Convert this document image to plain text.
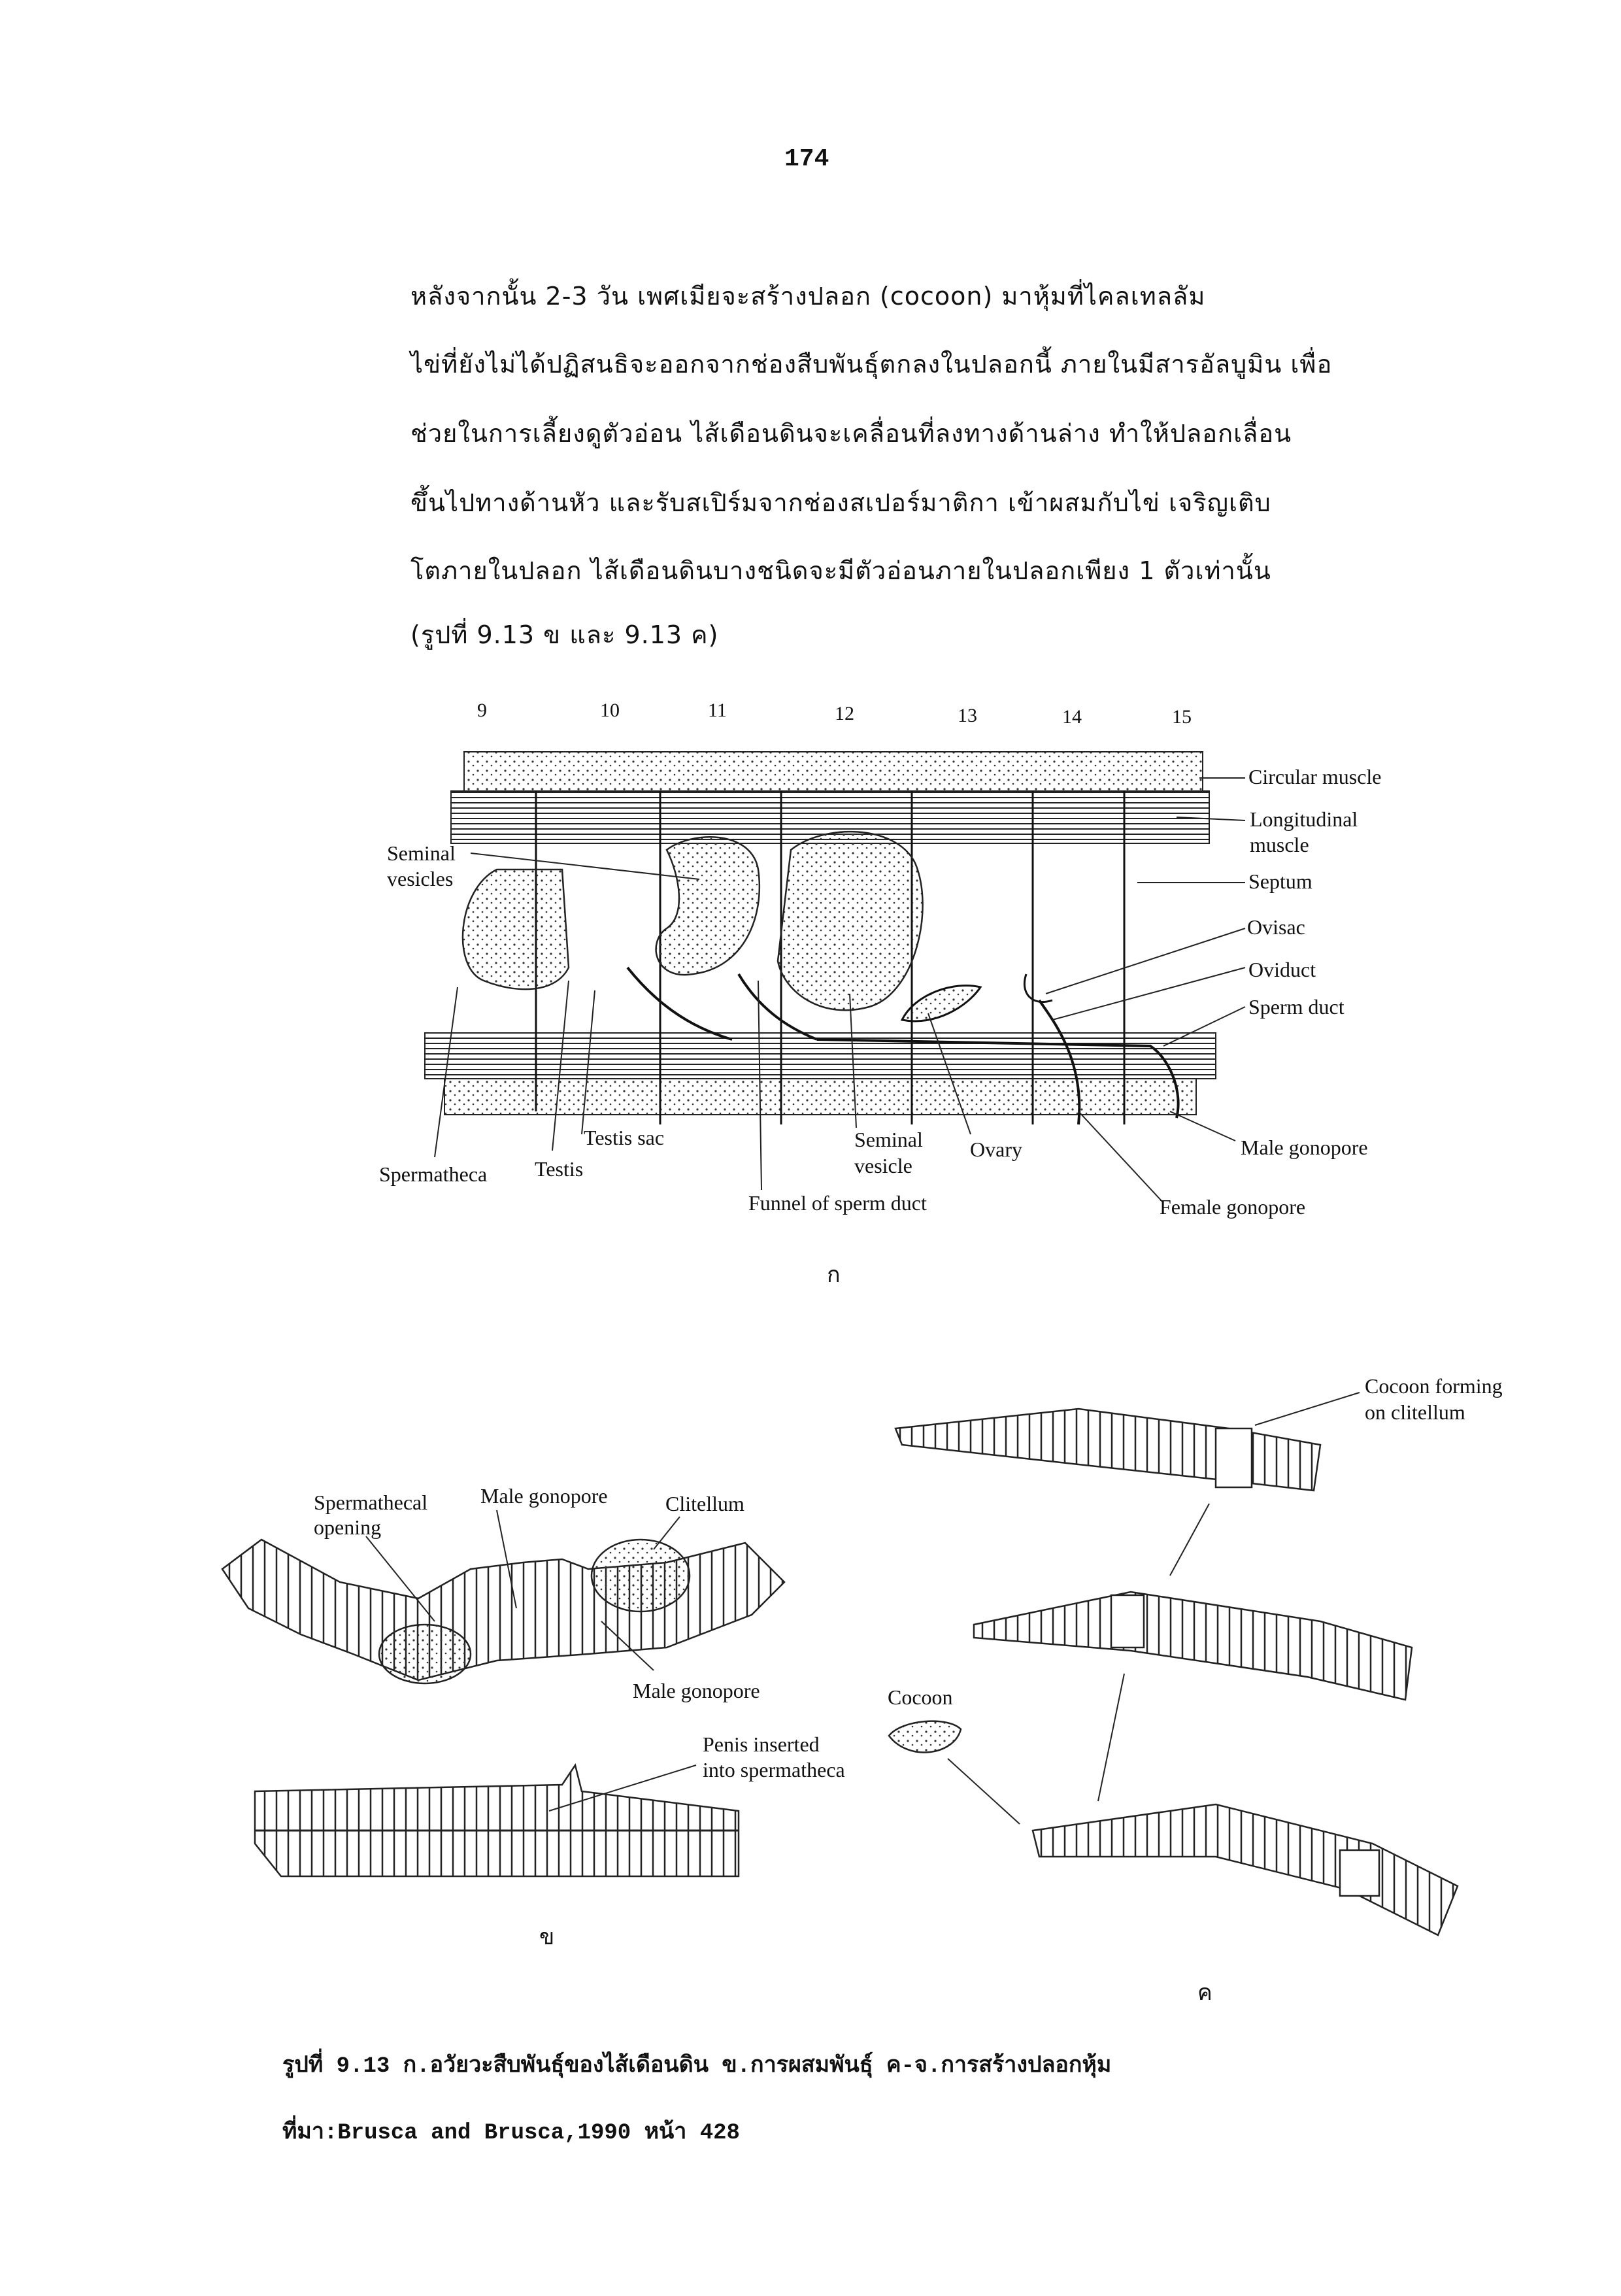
174
หลังจากนั้น 2-3 วัน เพศเมียจะสร้างปลอก (cocoon) มาหุ้มที่ไคลเทลลัม
ไข่ที่ยังไม่ได้ปฏิสนธิจะออกจากช่องสืบพันธุ์ตกลงในปลอกนี้ ภายในมีสารอัลบูมิน เพื่อ
ช่วยในการเลี้ยงดูตัวอ่อน ไส้เดือนดินจะเคลื่อนที่ลงทางด้านล่าง ทำให้ปลอกเลื่อน
ขึ้นไปทางด้านหัว และรับสเปิร์มจากช่องสเปอร์มาติกา เข้าผสมกับไข่ เจริญเติบ
โตภายในปลอก ไส้เดือนดินบางชนิดจะมีตัวอ่อนภายในปลอกเพียง 1 ตัวเท่านั้น
(รูปที่ 9.13 ข และ 9.13 ค)
9	10	11	12	13	14	15
Circular muscle
Longitudinal
muscle
Septum
Ovisac
Oviduct
Sperm duct
Seminal
vesicles
Testis sac
Spermatheca Testis
Seminal
vesicle
Ovary
Funnel of sperm duct
Male gonopore
Female gonopore
ก
Spermathecal
opening
Male gonopore	Clitellum
Male gonopore
Penis inserted
into spermatheca
ข
Cocoon forming
on clitellum
Cocoon
ค
รูปที่ 9.13 ก.อวัยวะสืบพันธุ์ของไส้เดือนดิน ข.การผสมพันธุ์ ค-จ.การสร้างปลอกหุ้ม
ที่มา:Brusca and Brusca,1990 หน้า 428
